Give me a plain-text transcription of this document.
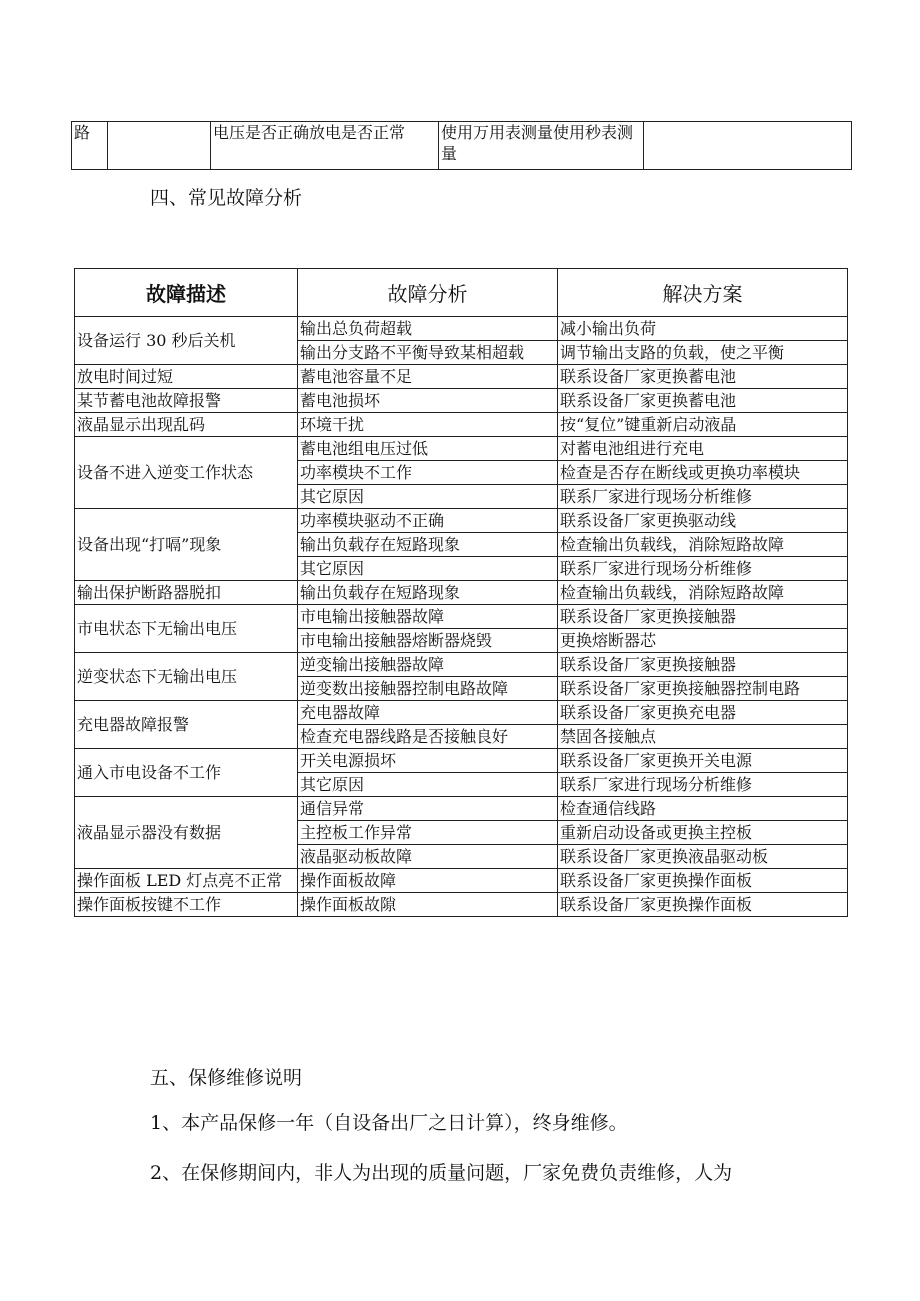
路		电压是否正确放电是否正常	使用万用表测量使用秒表测量	

四、常见故障分析

故障描述	故障分析	解决方案
设备运行 30 秒后关机	输出总负荷超载	减小输出负荷
	输出分支路不平衡导致某相超载	调节输出支路的负载，使之平衡
放电时间过短	蓄电池容量不足	联系设备厂家更换蓄电池
某节蓄电池故障报警	蓄电池损坏	联系设备厂家更换蓄电池
液晶显示出现乱码	环境干扰	按“复位”键重新启动液晶
设备不进入逆变工作状态	蓄电池组电压过低	对蓄电池组进行充电
	功率模块不工作	检查是否存在断线或更换功率模块
	其它原因	联系厂家进行现场分析维修
设备出现“打嗝”现象	功率模块驱动不正确	联系设备厂家更换驱动线
	输出负载存在短路现象	检查输出负载线，消除短路故障
	其它原因	联系厂家进行现场分析维修
输出保护断路器脱扣	输出负载存在短路现象	检查输出负载线，消除短路故障
市电状态下无输出电压	市电输出接触器故障	联系设备厂家更换接触器
	市电输出接触器熔断器烧毁	更换熔断器芯
逆变状态下无输出电压	逆变输出接触器故障	联系设备厂家更换接触器
	逆变数出接触器控制电路故障	联系设备厂家更换接触器控制电路
充电器故障报警	充电器故障	联系设备厂家更换充电器
	检查充电器线路是否接触良好	禁固各接触点
通入市电设备不工作	开关电源损坏	联系设备厂家更换开关电源
	其它原因	联系厂家进行现场分析维修
液晶显示器没有数据	通信异常	检查通信线路
	主控板工作异常	重新启动设备或更换主控板
	液晶驱动板故障	联系设备厂家更换液晶驱动板
操作面板 LED 灯点亮不正常	操作面板故障	联系设备厂家更换操作面板
操作面板按键不工作	操作面板故隙	联系设备厂家更换操作面板

五、保修维修说明

1、本产品保修一年（自设备出厂之日计算），终身维修。

2、在保修期间内，非人为出现的质量问题，厂家免费负责维修，人为
